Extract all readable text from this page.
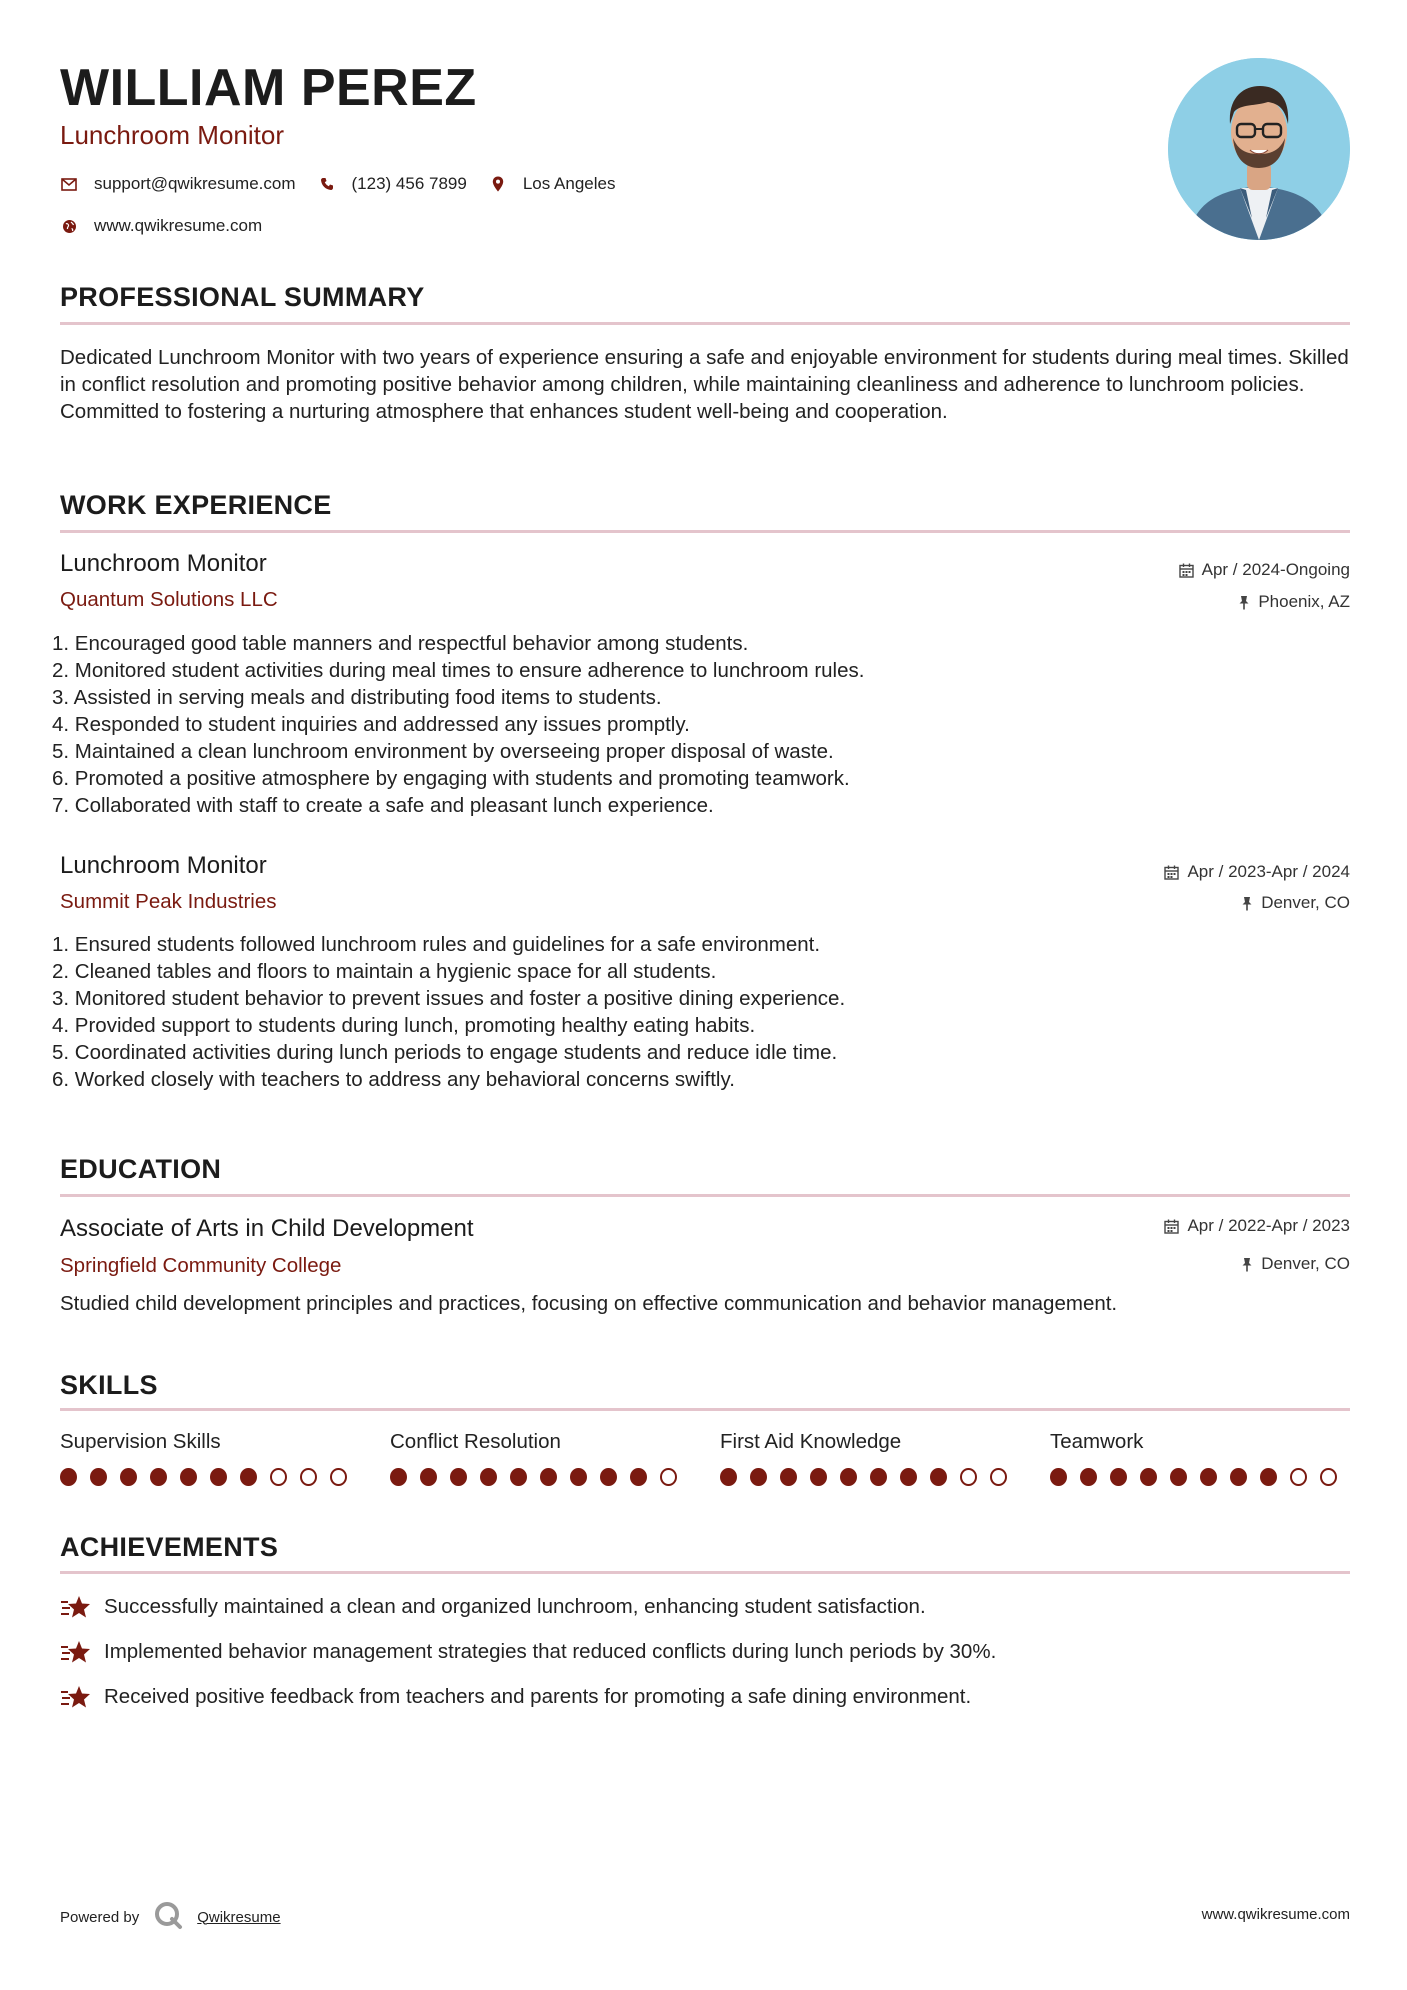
WILLIAM PEREZ
Lunchroom Monitor
support@qwikresume.com	(123) 456 7899	Los Angeles
www.qwikresume.com
PROFESSIONAL SUMMARY
Dedicated Lunchroom Monitor with two years of experience ensuring a safe and enjoyable environment for students during meal times. Skilled in conflict resolution and promoting positive behavior among children, while maintaining cleanliness and adherence to lunchroom policies. Committed to fostering a nurturing atmosphere that enhances student well-being and cooperation.
WORK EXPERIENCE
Lunchroom Monitor
Quantum Solutions LLC
Apr / 2024-Ongoing
Phoenix, AZ
1. Encouraged good table manners and respectful behavior among students.
2. Monitored student activities during meal times to ensure adherence to lunchroom rules.
3. Assisted in serving meals and distributing food items to students.
4. Responded to student inquiries and addressed any issues promptly.
5. Maintained a clean lunchroom environment by overseeing proper disposal of waste.
6. Promoted a positive atmosphere by engaging with students and promoting teamwork.
7. Collaborated with staff to create a safe and pleasant lunch experience.
Lunchroom Monitor
Summit Peak Industries
Apr / 2023-Apr / 2024
Denver, CO
1. Ensured students followed lunchroom rules and guidelines for a safe environment.
2. Cleaned tables and floors to maintain a hygienic space for all students.
3. Monitored student behavior to prevent issues and foster a positive dining experience.
4. Provided support to students during lunch, promoting healthy eating habits.
5. Coordinated activities during lunch periods to engage students and reduce idle time.
6. Worked closely with teachers to address any behavioral concerns swiftly.
EDUCATION
Associate of Arts in Child Development
Springfield Community College
Apr / 2022-Apr / 2023
Denver, CO
Studied child development principles and practices, focusing on effective communication and behavior management.
SKILLS
Supervision Skills	Conflict Resolution	First Aid Knowledge	Teamwork
ACHIEVEMENTS
Successfully maintained a clean and organized lunchroom, enhancing student satisfaction.
Implemented behavior management strategies that reduced conflicts during lunch periods by 30%.
Received positive feedback from teachers and parents for promoting a safe dining environment.
Powered by	Qwikresume	www.qwikresume.com
